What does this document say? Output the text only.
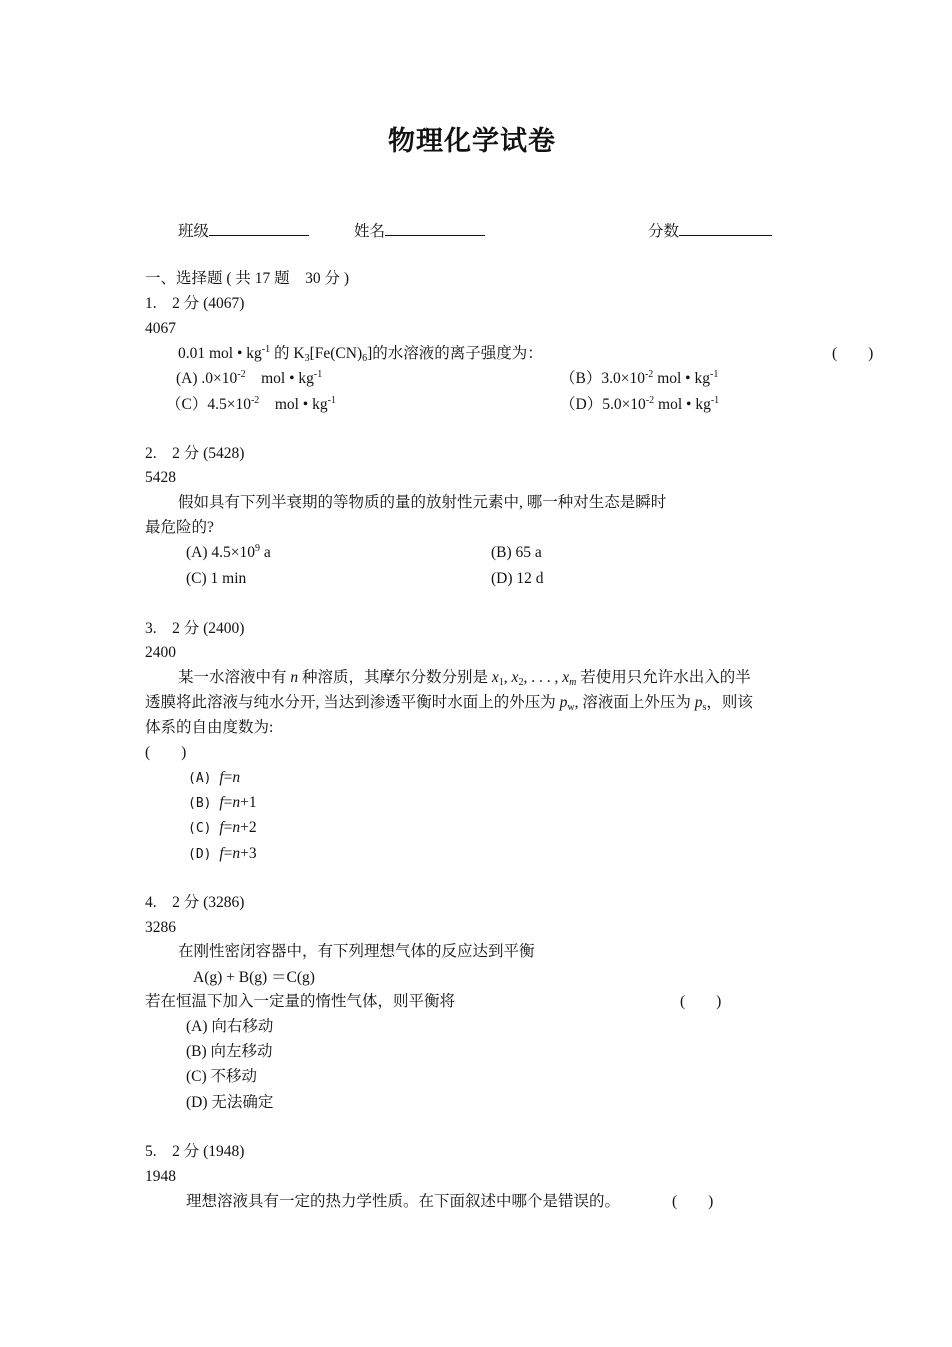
物理化学试卷
班级	姓名	分数
一、选择题 ( 共 17 题　30 分 )
1.　2 分 (4067)
4067
0.01 mol • $kg^{-1}$ 的 $K_3[Fe(CN)_6]$的水溶液的离子强度为：	(　　)
(A) $.0\times 10^{-2}$　mol • $kg^{-1}$	$(B)3.0\times 10^{-2}$ mol • $kg^{-1}$
$(C)4.5\times 10^{-2}$　mol • $kg^{-1}$	$(D)5.0\times 10^{-2}$ mol • $kg^{-1}$
2.　2 分 (5428)
5428
假如具有下列半衰期的等物质的量的放射性元素中, 哪一种对生态是瞬时
最危险的?
(A) $4.5\times 10^9$ a	(B) 65 a
(C) 1 min	(D) 12 d
3.　2 分 (2400)
2400
某一水溶液中有 n 种溶质，其摩尔分数分别是 $x_1$, $x_2$, . . . , $x_m$ 若使用只允许水出入的半
透膜将此溶液与纯水分开, 当达到渗透平衡时水面上的外压为 $p_w$, 溶液面上外压为 $p_s$，则该
体系的自由度数为:
(　　)
(A) f=n
(B) f=n+1
(C) f=n+2
(D) f=n+3
4.　2 分 (3286)
3286
在刚性密闭容器中，有下列理想气体的反应达到平衡
A(g) + B(g) ＝C(g)
若在恒温下加入一定量的惰性气体，则平衡将	(　　)
(A) 向右移动
(B) 向左移动
(C) 不移动
(D) 无法确定
5.　2 分 (1948)
1948
理想溶液具有一定的热力学性质。在下面叙述中哪个是错误的。	(　　)
